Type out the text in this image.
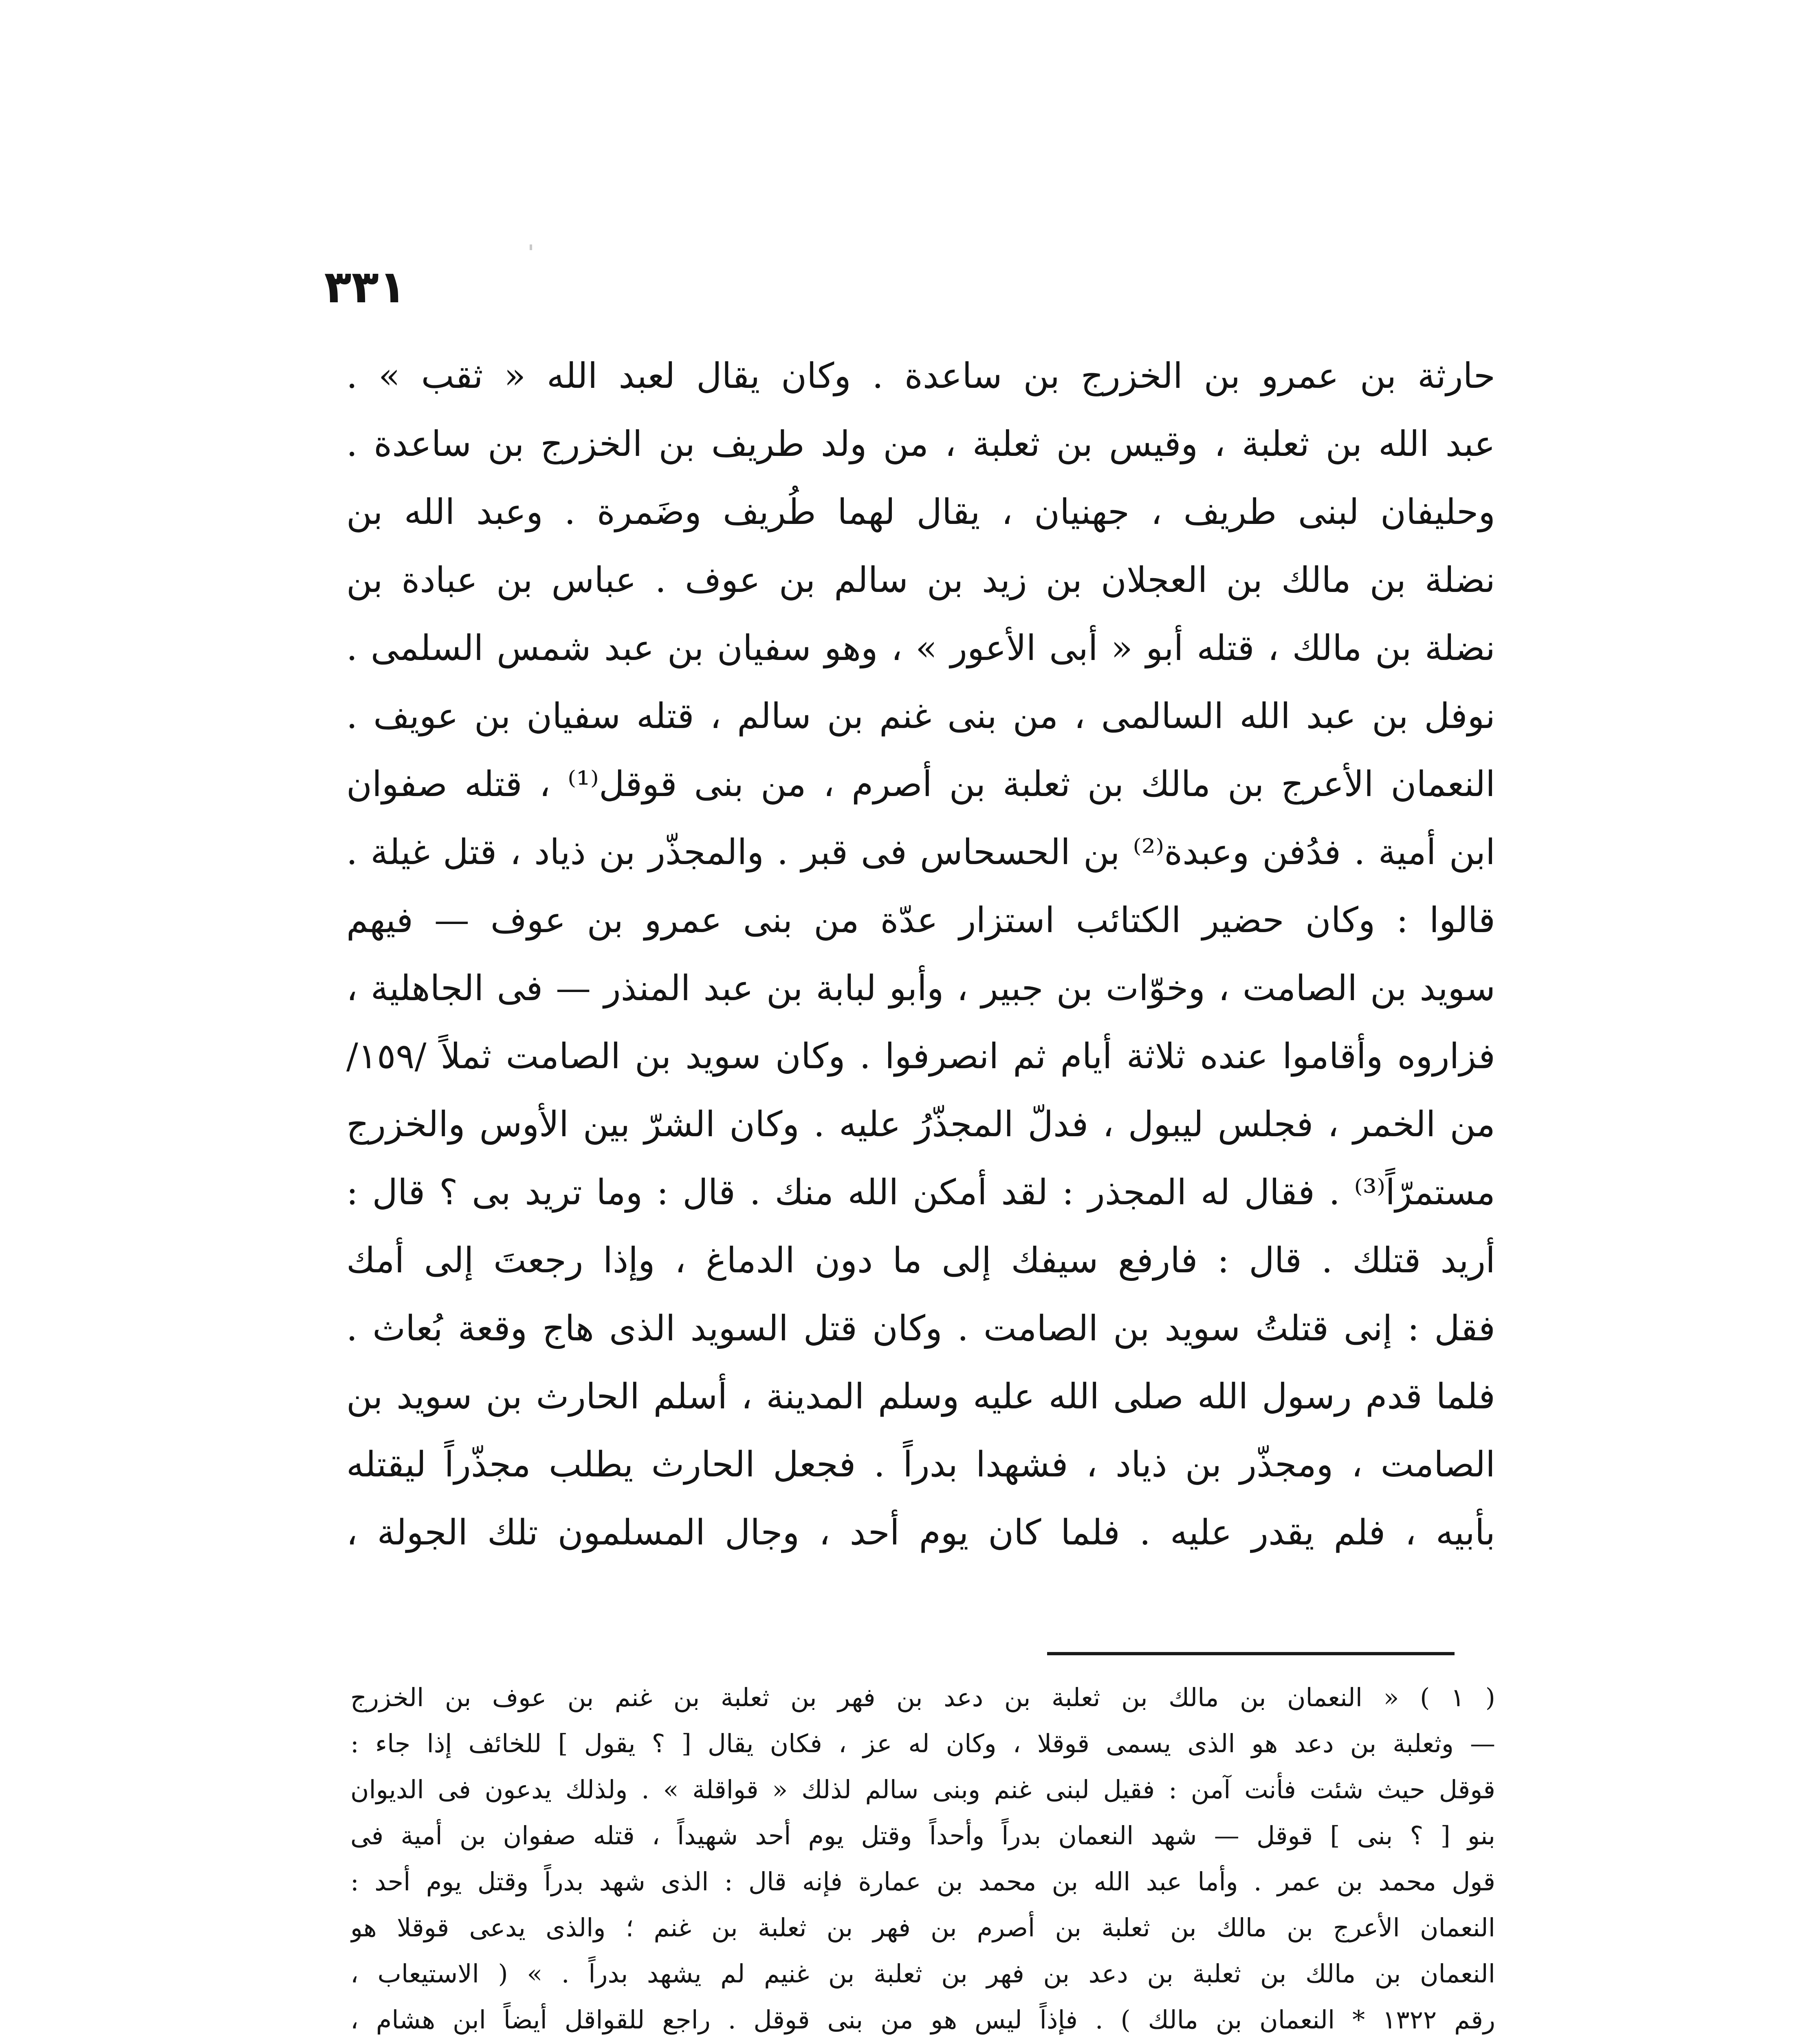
٣٣١
حارثة بن عمرو بن الخزرج بن ساعدة . وكان يقال لعبد الله « ثقب » .
عبد الله بن ثعلبة ، وقيس بن ثعلبة ، من ولد طريف بن الخزرج بن ساعدة .
وحليفان لبنى طريف ، جهنيان ، يقال لهما طُريف وضَمرة . وعبد الله بن
نضلة بن مالك بن العجلان بن زيد بن سالم بن عوف . عباس بن عبادة بن
نضلة بن مالك ، قتله أبو « أبى الأعور » ، وهو سفيان بن عبد شمس السلمى .
نوفل بن عبد الله السالمى ، من بنى غنم بن سالم ، قتله سفيان بن عويف .
النعمان الأعرج بن مالك بن ثعلبة بن أصرم ، من بنى قوقل⁽¹⁾ ، قتله صفوان
ابن أمية . فدُفن وعبدة⁽²⁾ بن الحسحاس فى قبر . والمجذّر بن ذياد ، قتل غيلة .
قالوا : وكان حضير الكتائب استزار عدّة من بنى عمرو بن عوف — فيهم
سويد بن الصامت ، وخوّات بن جبير ، وأبو لبابة بن عبد المنذر — فى الجاهلية ،
فزاروه وأقاموا عنده ثلاثة أيام ثم انصرفوا . وكان سويد بن الصامت ثملاً /١٥٩/
من الخمر ، فجلس ليبول ، فدلّ المجذّرُ عليه . وكان الشرّ بين الأوس والخزرج
مستمرّاً⁽³⁾ . فقال له المجذر : لقد أمكن الله منك . قال : وما تريد بى ؟ قال :
أريد قتلك . قال : فارفع سيفك إلى ما دون الدماغ ، وإذا رجعتَ إلى أمك
فقل : إنى قتلتُ سويد بن الصامت . وكان قتل السويد الذى هاج وقعة بُعاث .
فلما قدم رسول الله صلى الله عليه وسلم المدينة ، أسلم الحارث بن سويد بن
الصامت ، ومجذّر بن ذياد ، فشهدا بدراً . فجعل الحارث يطلب مجذّراً ليقتله
بأبيه ، فلم يقدر عليه . فلما كان يوم أحد ، وجال المسلمون تلك الجولة ،
( ١ ) « النعمان بن مالك بن ثعلبة بن دعد بن فهر بن ثعلبة بن غنم بن عوف بن الخزرج
— وثعلبة بن دعد هو الذى يسمى قوقلا ، وكان له عز ، فكان يقال [ ؟ يقول ] للخائف إذا جاء :
قوقل حيث شئت فأنت آمن : فقيل لبنى غنم وبنى سالم لذلك « قواقلة » . ولذلك يدعون فى الديوان
بنو [ ؟ بنى ] قوقل — شهد النعمان بدراً وأحداً وقتل يوم أحد شهيداً ، قتله صفوان بن أمية فى
قول محمد بن عمر . وأما عبد الله بن محمد بن عمارة فإنه قال : الذى شهد بدراً وقتل يوم أحد :
النعمان الأعرج بن مالك بن ثعلبة بن أصرم بن فهر بن ثعلبة بن غنم ؛ والذى يدعى قوقلا هو
النعمان بن مالك بن ثعلبة بن دعد بن فهر بن ثعلبة بن غنيم لم يشهد بدراً . » ( الاستيعاب ،
رقم ١٣٢٢ * النعمان بن مالك ) . فإذاً ليس هو من بنى قوقل . راجع للقواقل أيضاً ابن هشام ،
